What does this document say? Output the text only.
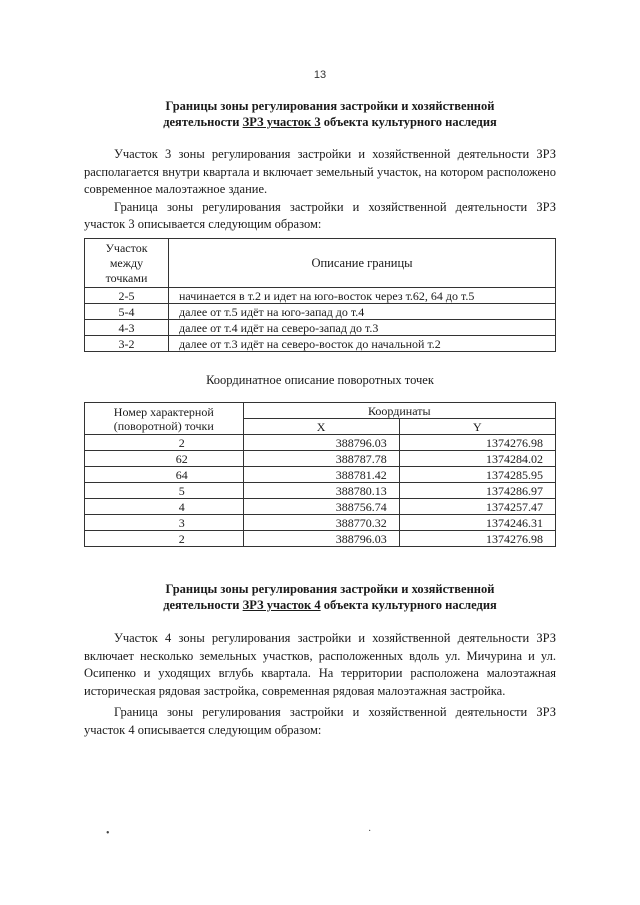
13
Границы зоны регулирования застройки и хозяйственной
деятельности ЗРЗ участок 3 объекта культурного наследия

Участок 3 зоны регулирования застройки и хозяйственной деятельности ЗРЗ располагается внутри квартала и включает земельный участок, на котором расположено современное малоэтажное здание.

Граница зоны регулирования застройки и хозяйственной деятельности ЗРЗ участок 3 описывается следующим образом:

Участок между точками	Описание границы
2-5	начинается в т.2 и идет на юго-восток через т.62, 64 до т.5
5-4	далее от т.5 идёт на юго-запад до т.4
4-3	далее от т.4 идёт на северо-запад до т.3
3-2	далее от т.3 идёт на северо-восток до начальной т.2
Координатное описание поворотных точек
Номер характерной (поворотной) точки	Координаты	
	X	Y
2	388796.03	1374276.98
62	388787.78	1374284.02
64	388781.42	1374285.95
5	388780.13	1374286.97
4	388756.74	1374257.47
3	388770.32	1374246.31
2	388796.03	1374276.98
Границы зоны регулирования застройки и хозяйственной
деятельности ЗРЗ участок 4 объекта культурного наследия

Участок 4 зоны регулирования застройки и хозяйственной деятельности ЗРЗ включает несколько земельных участков, расположенных вдоль ул. Мичурина и ул. Осипенко и уходящих вглубь квартала. На территории расположена малоэтажная историческая рядовая застройка, современная рядовая малоэтажная застройка.

Граница зоны регулирования застройки и хозяйственной деятельности ЗРЗ участок 4 описывается следующим образом:

•	·
